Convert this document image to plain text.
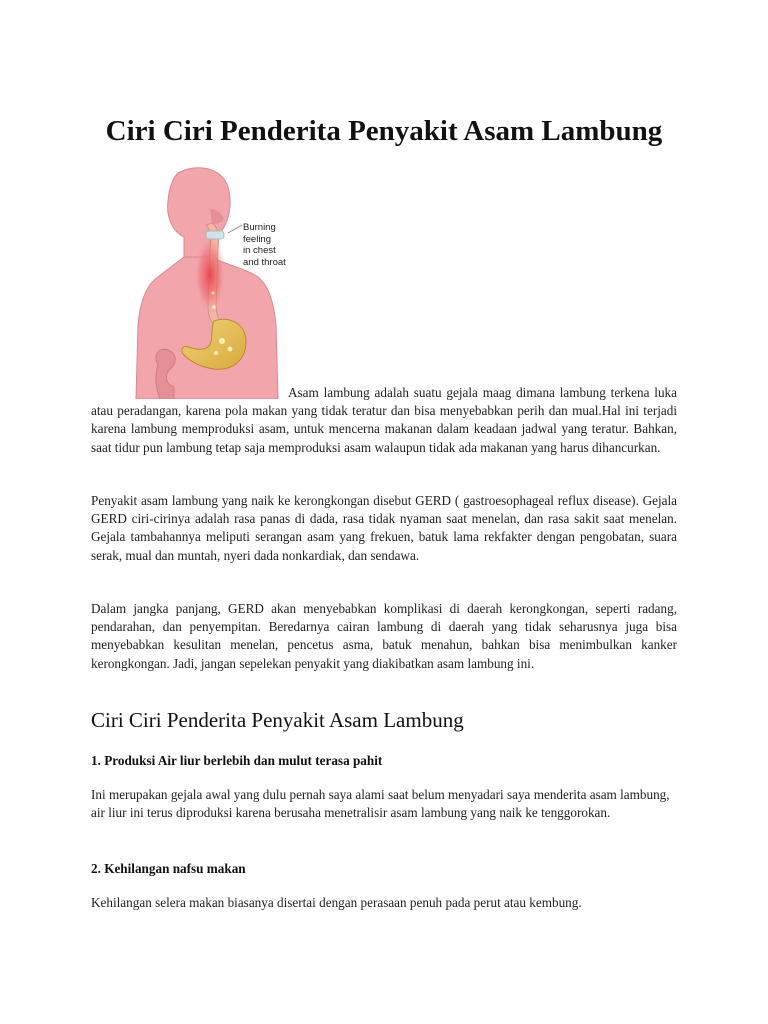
Ciri Ciri Penderita Penyakit Asam Lambung
Burning
feeling
in chest
and throat

Asam lambung adalah suatu gejala maag dimana lambung terkena luka atau peradangan, karena pola makan yang tidak teratur dan bisa menyebabkan perih dan mual.Hal ini terjadi karena lambung memproduksi asam, untuk mencerna makanan dalam keadaan jadwal yang teratur. Bahkan, saat tidur pun lambung tetap saja memproduksi asam walaupun tidak ada makanan yang harus dihancurkan.

Penyakit asam lambung yang naik ke kerongkongan disebut GERD ( gastroesophageal reflux disease). Gejala GERD ciri-cirinya adalah rasa panas di dada, rasa tidak nyaman saat menelan, dan rasa sakit saat menelan. Gejala tambahannya meliputi serangan asam yang frekuen, batuk lama rekfakter dengan pengobatan, suara serak, mual dan muntah, nyeri dada nonkardiak, dan sendawa.

Dalam jangka panjang, GERD akan menyebabkan komplikasi di daerah kerongkongan, seperti radang, pendarahan, dan penyempitan. Beredarnya cairan lambung di daerah yang tidak seharusnya juga bisa menyebabkan kesulitan menelan, pencetus asma, batuk menahun, bahkan bisa menimbulkan kanker kerongkongan. Jadi, jangan sepelekan penyakit yang diakibatkan asam lambung ini.

Ciri Ciri Penderita Penyakit Asam Lambung
1. Produksi Air liur berlebih dan mulut terasa pahit

Ini merupakan gejala awal yang dulu pernah saya alami saat belum menyadari saya menderita asam lambung, air liur ini terus diproduksi karena berusaha menetralisir asam lambung yang naik ke tenggorokan.

2. Kehilangan nafsu makan

Kehilangan selera makan biasanya disertai dengan perasaan penuh pada perut atau kembung.
